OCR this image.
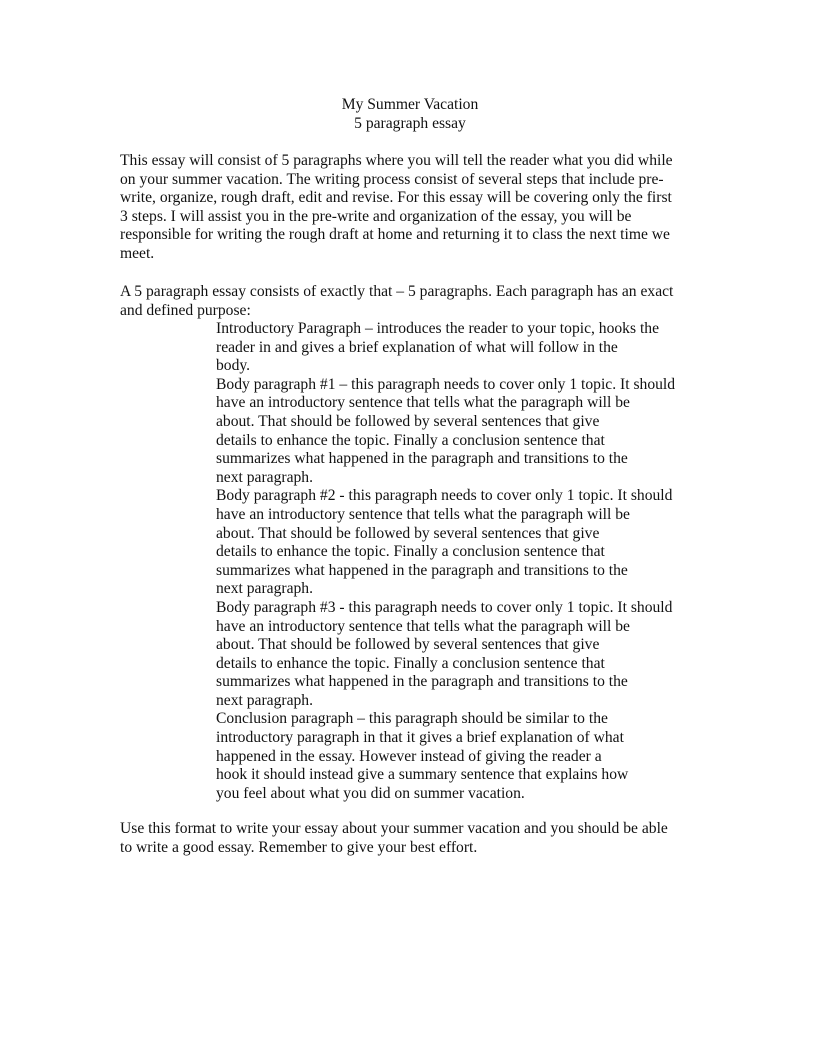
My Summer Vacation
5 paragraph essay
This essay will consist of 5 paragraphs where you will tell the reader what you did while
on your summer vacation. The writing process consist of several steps that include pre-
write, organize, rough draft, edit and revise. For this essay will be covering only the first
3 steps. I will assist you in the pre-write and organization of the essay, you will be
responsible for writing the rough draft at home and returning it to class the next time we
meet.
A 5 paragraph essay consists of exactly that – 5 paragraphs. Each paragraph has an exact
and defined purpose:
Introductory Paragraph – introduces the reader to your topic, hooks the
reader in and gives a brief explanation of what will follow in the
body.
Body paragraph #1 – this paragraph needs to cover only 1 topic. It should
have an introductory sentence that tells what the paragraph will be
about. That should be followed by several sentences that give
details to enhance the topic. Finally a conclusion sentence that
summarizes what happened in the paragraph and transitions to the
next paragraph.
Body paragraph #2 - this paragraph needs to cover only 1 topic. It should
have an introductory sentence that tells what the paragraph will be
about. That should be followed by several sentences that give
details to enhance the topic. Finally a conclusion sentence that
summarizes what happened in the paragraph and transitions to the
next paragraph.
Body paragraph #3 - this paragraph needs to cover only 1 topic. It should
have an introductory sentence that tells what the paragraph will be
about. That should be followed by several sentences that give
details to enhance the topic. Finally a conclusion sentence that
summarizes what happened in the paragraph and transitions to the
next paragraph.
Conclusion paragraph – this paragraph should be similar to the
introductory paragraph in that it gives a brief explanation of what
happened in the essay. However instead of giving the reader a
hook it should instead give a summary sentence that explains how
you feel about what you did on summer vacation.
Use this format to write your essay about your summer vacation and you should be able
to write a good essay. Remember to give your best effort.
